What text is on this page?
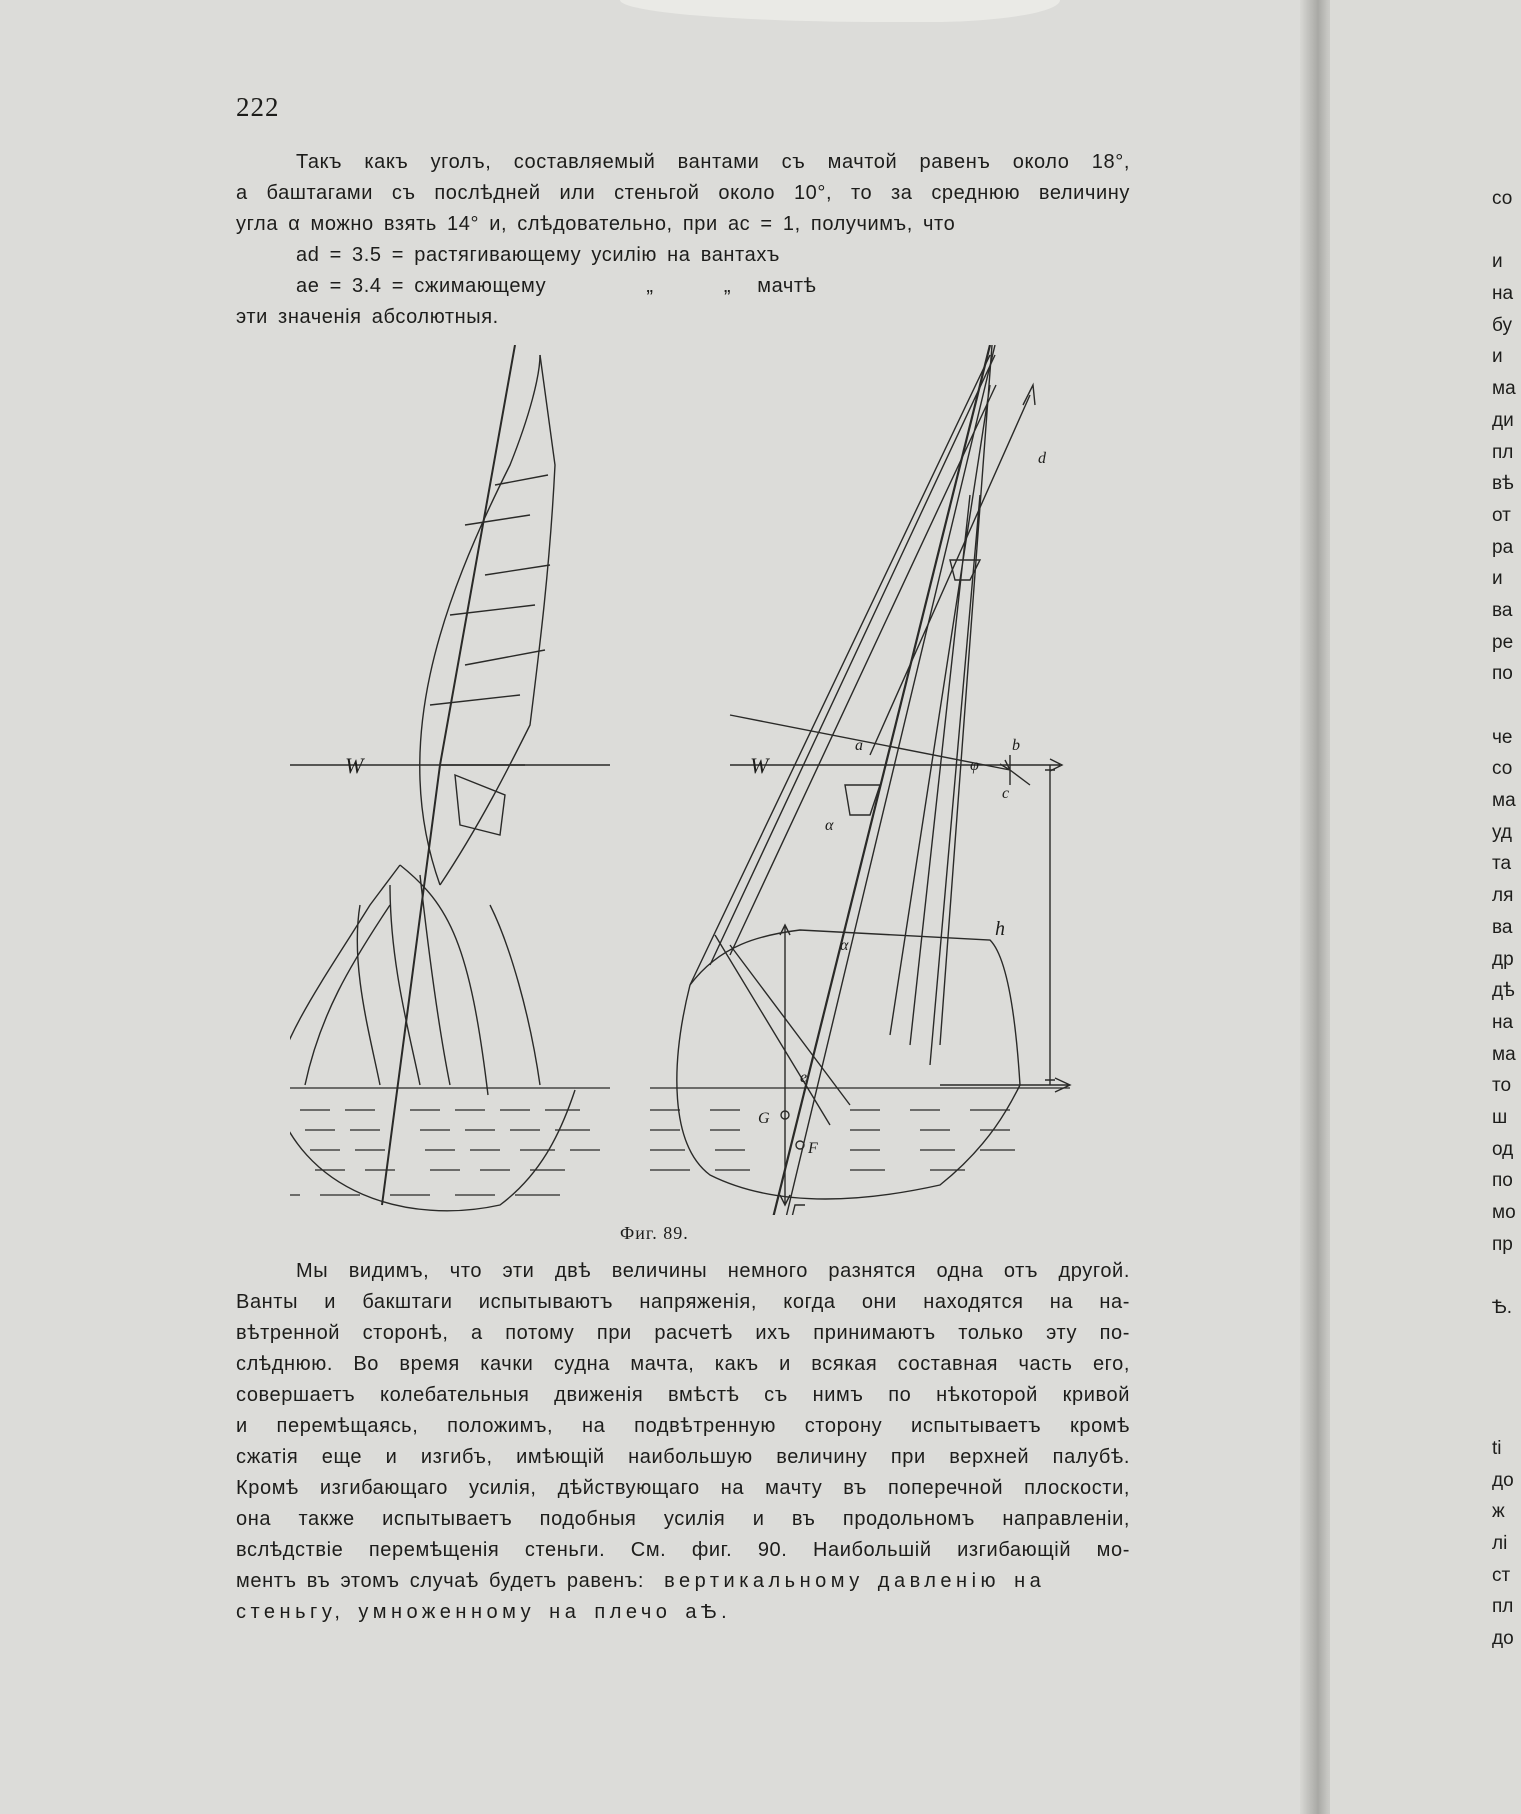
222
Такъ какъ уголъ, составляемый вантами съ мачтой равенъ около 18°,
а баштагами съ послѣдней или стеньгой около 10°, то за среднюю величину
угла α можно взять 14° и, слѣдовательно, при ac = 1, получимъ, что
ad = 3.5 = растягивающему усилію на вантахъ
ae = 3.4 = сжимающему	„	„ мачтѣ
эти значенія абсолютныя.
W	W
a	b
c
d
e
φ
α
α
h
G
F
Фиг. 89.
Мы видимъ, что эти двѣ величины немного разнятся одна отъ другой.
Ванты и бакштаги испытываютъ напряженія, когда они находятся на на-
вѣтренной сторонѣ, а потому при расчетѣ ихъ принимаютъ только эту по-
слѣднюю. Во время качки судна мачта, какъ и всякая составная часть его,
совершаетъ колебательныя движенія вмѣстѣ съ нимъ по нѣкоторой кривой
и перемѣщаясь, положимъ, на подвѣтренную сторону испытываетъ кромѣ
сжатія еще и изгибъ, имѣющій наибольшую величину при верхней палубѣ.
Кромѣ изгибающаго усилія, дѣйствующаго на мачту въ поперечной плоскости,
она также испытываетъ подобныя усилія и въ продольномъ направленіи,
вслѣдствіе перемѣщенія стеньги. См. фиг. 90. Наибольшій изгибающій мо-
ментъ въ этомъ случаѣ будетъ равенъ: вертикальному давленію на
стеньгу, умноженному на плечо aѢ.
со
и
на
бу
и
ма
ди
пл
вѣ
от
ра
и
ва
ре
по
че
со
ма
уд
та
ля
ва
др
дѣ
на
ма
то
ш
од
по
мо
пр
Ѣ.
ti
до
ж
лі
ст
пл
до
